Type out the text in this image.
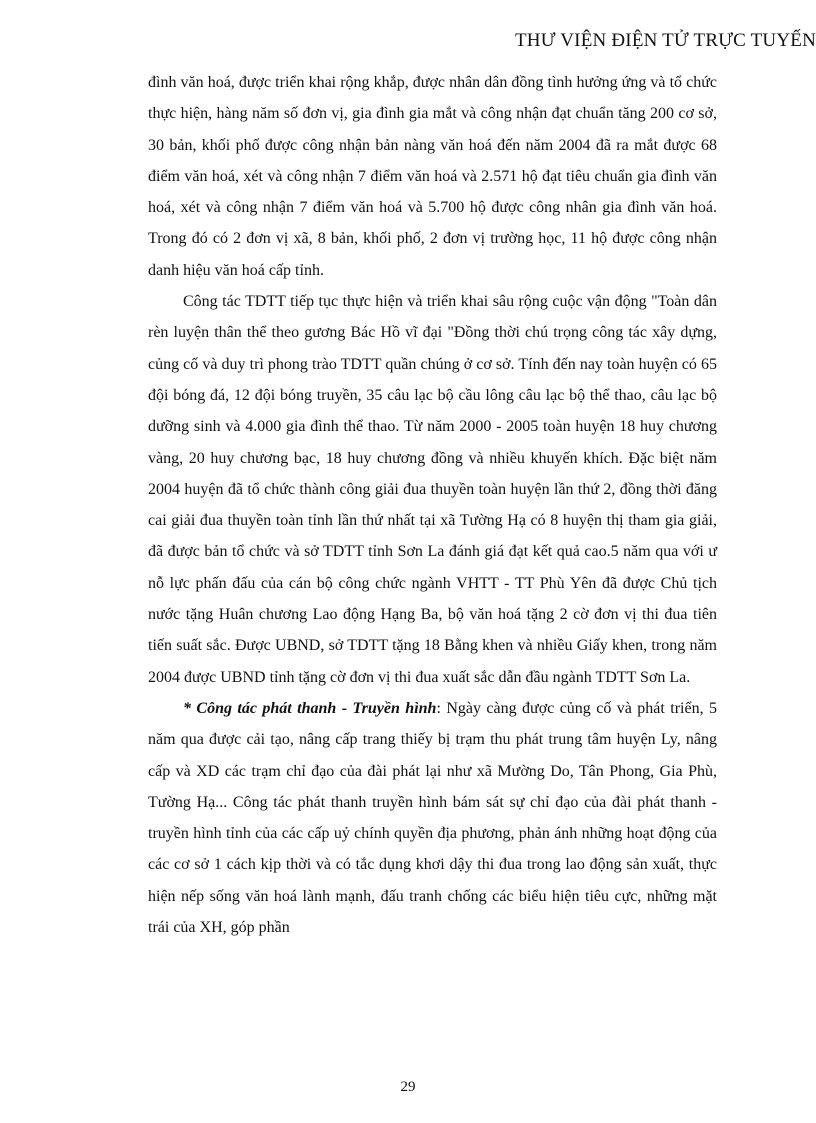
THƯ VIỆN ĐIỆN TỬ TRỰC TUYẾN

đình văn hoá, được triển khai rộng khắp, được nhân dân đồng tình hưởng ứng và tổ chức thực hiện, hàng năm số đơn vị, gia đình gia mắt và công nhận đạt chuẩn tăng 200 cơ sở, 30 bản, khối phố được công nhận bản nàng văn hoá đến năm 2004 đã ra mắt được 68 điểm văn hoá, xét và công nhận 7 điểm văn hoá và 2.571 hộ đạt tiêu chuẩn gia đình văn hoá, xét và công nhận 7 điểm văn hoá và 5.700 hộ được công nhân gia đình văn hoá. Trong đó có 2 đơn vị xã, 8 bản, khối phố, 2 đơn vị trường học, 11 hộ được công nhận danh hiệu văn hoá cấp tỉnh.

Công tác TDTT tiếp tục thực hiện và triển khai sâu rộng cuộc vận động "Toàn dân rèn luyện thân thể theo gương Bác Hồ vĩ đại "Đồng thời chú trọng công tác xây dựng, củng cố và duy trì phong trào TDTT quần chúng ở cơ sở. Tính đến nay toàn huyện có 65 đội bóng đá, 12 đội bóng truyền, 35 câu lạc bộ cầu lông câu lạc bộ thể thao, câu lạc bộ dưỡng sinh và 4.000 gia đình thể thao. Từ năm 2000 - 2005 toàn huyện 18 huy chương vàng, 20 huy chương bạc, 18 huy chương đồng và nhiều khuyến khích. Đặc biệt năm 2004 huyện đã tổ chức thành công giải đua thuyền toàn huyện lần thứ 2, đồng thời đăng cai giải đua thuyền toàn tỉnh lần thứ nhất tại xã Tường Hạ có 8 huyện thị tham gia giải, đã được bản tổ chức và sở TDTT tỉnh Sơn La đánh giá đạt kết quả cao.5 năm qua với ư nỗ lực phấn đấu của cán bộ công chức ngành VHTT - TT Phù Yên đã được Chủ tịch nước tặng Huân chương Lao động Hạng Ba, bộ văn hoá tặng 2 cờ đơn vị thi đua tiên tiến suất sắc. Được UBND, sở TDTT tặng 18 Bằng khen và nhiều Giấy khen, trong năm 2004 được UBND tỉnh tặng cờ đơn vị thi đua xuất sắc dẫn đầu ngành TDTT Sơn La.

* Công tác phát thanh - Truyền hình: Ngày càng được củng cố và phát triển, 5 năm qua được cải tạo, nâng cấp trang thiếy bị trạm thu phát trung tâm huyện Ly, nâng cấp và XD các trạm chỉ đạo của đài phát lại như xã Mường Do, Tân Phong, Gia Phù, Tường Hạ... Công tác phát thanh truyền hình bám sát sự chỉ đạo của đài phát thanh - truyền hình tỉnh của các cấp uỷ chính quyền địa phương, phản ánh những hoạt động của các cơ sở 1 cách kịp thời và có tắc dụng khơi dậy thi đua trong lao động sản xuất, thực hiện nếp sống văn hoá lành mạnh, đấu tranh chống các biểu hiện tiêu cực, những mặt trái của XH, góp phần

29
